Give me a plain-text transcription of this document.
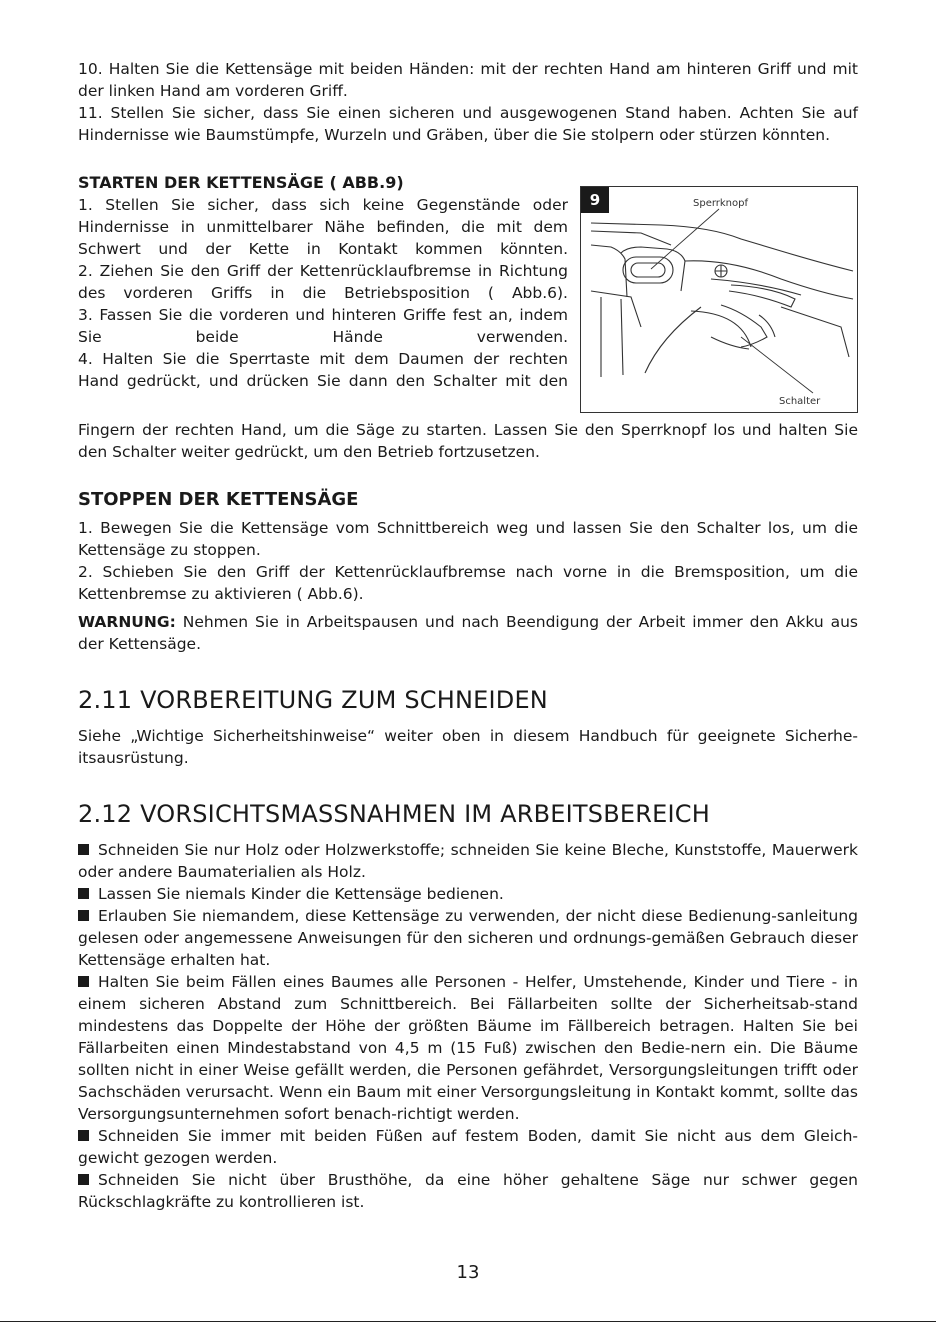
10. Halten Sie die Kettensäge mit beiden Händen: mit der rechten Hand am hinteren Griff und mit der linken Hand am vorderen Griff.

11. Stellen Sie sicher, dass Sie einen sicheren und ausgewogenen Stand haben. Achten Sie auf Hindernisse wie Baumstümpfe, Wurzeln und Gräben, über die Sie stolpern oder stürzen könnten.

STARTEN DER KETTENSÄGE ( ABB.9)

1. Stellen Sie sicher, dass sich keine Gegenstände oder Hindernisse in unmittelbarer Nähe befinden, die mit dem Schwert und der Kette in Kontakt kommen könnten.

2. Ziehen Sie den Griff der Kettenrücklaufbremse in Richtung des vorderen Griffs in die Betriebsposition ( Abb.6).

3. Fassen Sie die vorderen und hinteren Griffe fest an, indem Sie beide Hände verwenden.

4. Halten Sie die Sperrtaste mit dem Daumen der rechten Hand gedrückt, und drücken Sie dann den Schalter mit den

9	Sperrknopf
Schalter

Fingern der rechten Hand, um die Säge zu starten. Lassen Sie den Sperrknopf los und halten Sie den Schalter weiter gedrückt, um den Betrieb fortzusetzen.

STOPPEN DER KETTENSÄGE

1. Bewegen Sie die Kettensäge vom Schnittbereich weg und lassen Sie den Schalter los, um die Kettensäge zu stoppen.

2. Schieben Sie den Griff der Kettenrücklaufbremse nach vorne in die Bremsposition, um die Kettenbremse zu aktivieren ( Abb.6).

WARNUNG: Nehmen Sie in Arbeitspausen und nach Beendigung der Arbeit immer den Akku aus der Kettensäge.

2.11 VORBEREITUNG ZUM SCHNEIDEN

Siehe „Wichtige Sicherheitshinweise“ weiter oben in diesem Handbuch für geeignete Sicherhe-itsausrüstung.

2.12 VORSICHTSMASSNAHMEN IM ARBEITSBEREICH

Schneiden Sie nur Holz oder Holzwerkstoffe; schneiden Sie keine Bleche, Kunststoffe, Mauerwerk oder andere Baumaterialien als Holz.

Lassen Sie niemals Kinder die Kettensäge bedienen.

Erlauben Sie niemandem, diese Kettensäge zu verwenden, der nicht diese Bedienung-sanleitung gelesen oder angemessene Anweisungen für den sicheren und ordnungs-gemäßen Gebrauch dieser Kettensäge erhalten hat.

Halten Sie beim Fällen eines Baumes alle Personen - Helfer, Umstehende, Kinder und Tiere - in einem sicheren Abstand zum Schnittbereich. Bei Fällarbeiten sollte der Sicherheitsab-stand mindestens das Doppelte der Höhe der größten Bäume im Fällbereich betragen. Halten Sie bei Fällarbeiten einen Mindestabstand von 4,5 m (15 Fuß) zwischen den Bedie-nern ein. Die Bäume sollten nicht in einer Weise gefällt werden, die Personen gefährdet, Versorgungsleitungen trifft oder Sachschäden verursacht. Wenn ein Baum mit einer Versorgungsleitung in Kontakt kommt, sollte das Versorgungsunternehmen sofort benach-richtigt werden.

Schneiden Sie immer mit beiden Füßen auf festem Boden, damit Sie nicht aus dem Gleich-gewicht gezogen werden.

Schneiden Sie nicht über Brusthöhe, da eine höher gehaltene Säge nur schwer gegen Rückschlagkräfte zu kontrollieren ist.

13
